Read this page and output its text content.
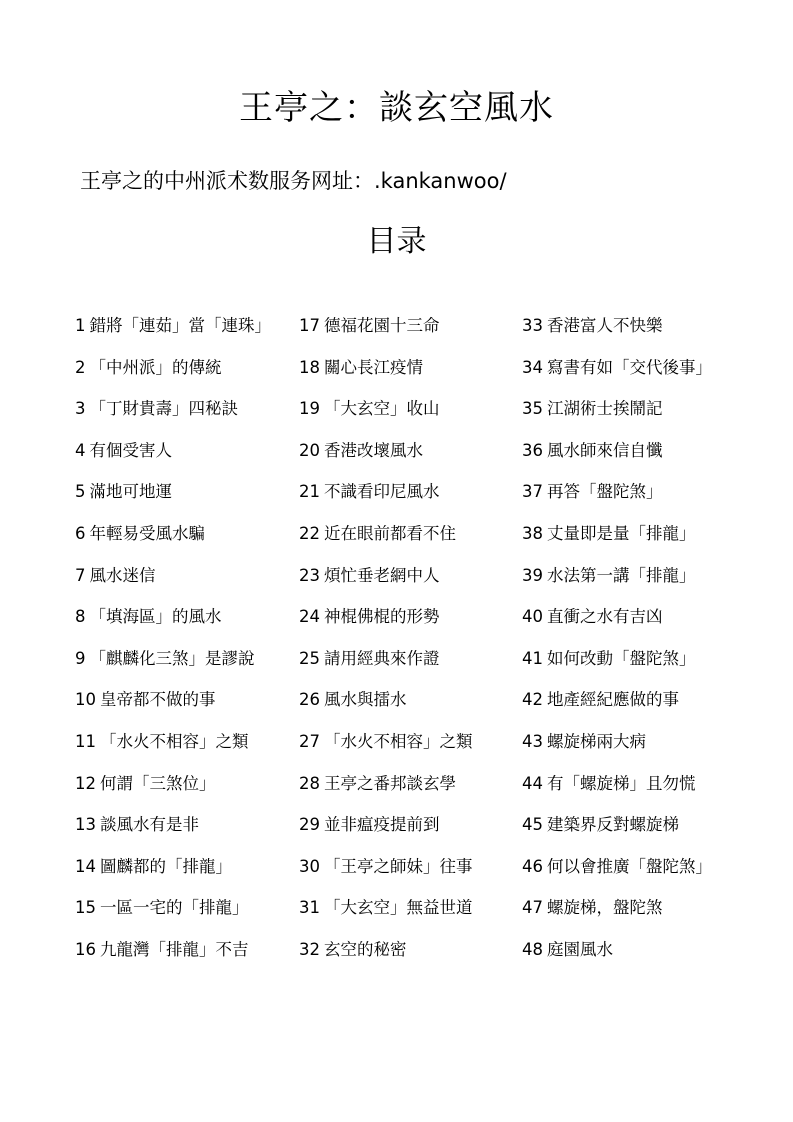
王亭之：談玄空風水
王亭之的中州派术数服务网址：.kankanwoo/
目录
1 錯將「連茹」當「連珠」
2 「中州派」的傳統
3 「丁財貴壽」四秘訣
4 有個受害人
5 滿地可地運
6 年輕易受風水騙
7 風水迷信
8 「填海區」的風水
9 「麒麟化三煞」是謬說
10 皇帝都不做的事
11 「水火不相容」之類
12 何謂「三煞位」
13 談風水有是非
14 圖麟都的「排龍」
15 一區一宅的「排龍」
16 九龍灣「排龍」不吉
17 德福花園十三命
18 關心長江疫情
19 「大玄空」收山
20 香港改壞風水
21 不識看印尼風水
22 近在眼前都看不住
23 煩忙垂老網中人
24 神棍佛棍的形勢
25 請用經典來作證
26 風水與擂水
27 「水火不相容」之類
28 王亭之番邦談玄學
29 並非瘟疫提前到
30 「王亭之師妹」往事
31 「大玄空」無益世道
32 玄空的秘密
33 香港富人不快樂
34 寫書有如「交代後事」
35 江湖術士挨鬧記
36 風水師來信自懺
37 再答「盤陀煞」
38 丈量即是量「排龍」
39 水法第一講「排龍」
40 直衝之水有吉凶
41 如何改動「盤陀煞」
42 地產經紀應做的事
43 螺旋梯兩大病
44 有「螺旋梯」且勿慌
45 建築界反對螺旋梯
46 何以會推廣「盤陀煞」
47 螺旋梯，盤陀煞
48 庭園風水
